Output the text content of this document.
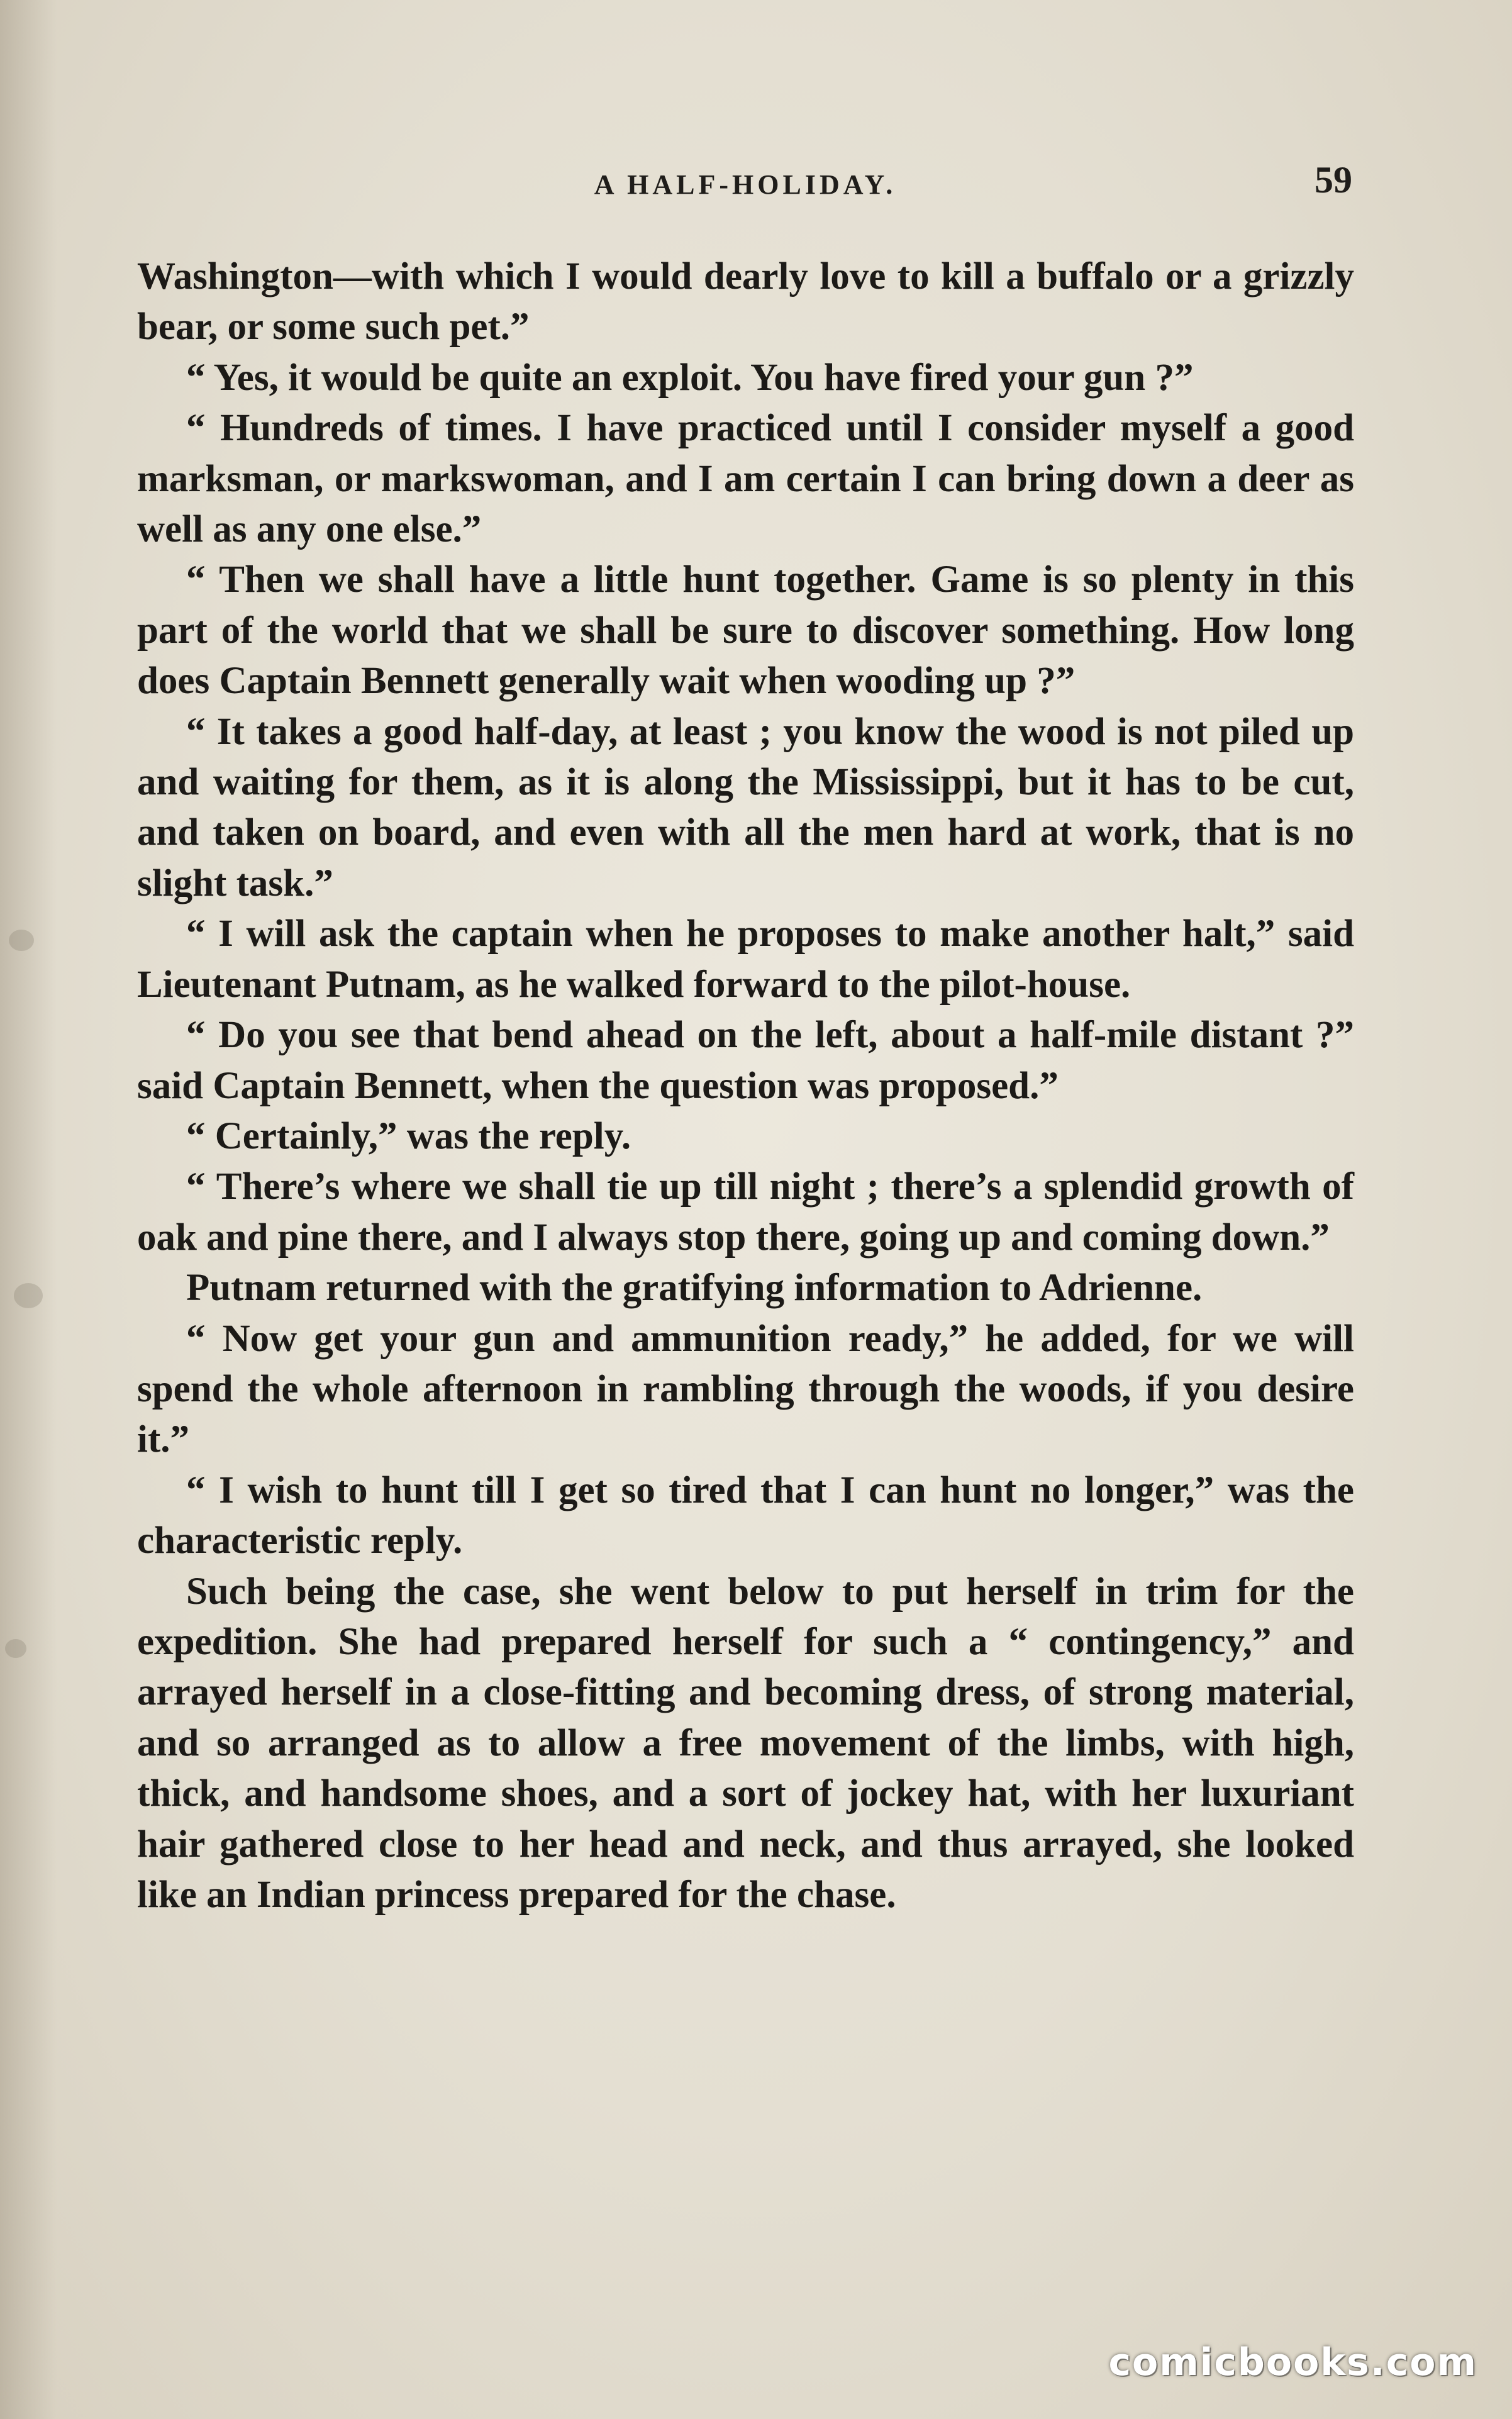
A HALF-HOLIDAY.	59

Washington—with which I would dearly love to kill a buffalo or a grizzly bear, or some such pet.”

“ Yes, it would be quite an exploit. You have fired your gun ?”

“ Hundreds of times. I have practiced until I consider myself a good marksman, or markswoman, and I am certain I can bring down a deer as well as any one else.”

“ Then we shall have a little hunt together. Game is so plenty in this part of the world that we shall be sure to discover something. How long does Captain Bennett generally wait when wooding up ?”

“ It takes a good half-day, at least ; you know the wood is not piled up and waiting for them, as it is along the Mississippi, but it has to be cut, and taken on board, and even with all the men hard at work, that is no slight task.”

“ I will ask the captain when he proposes to make another halt,” said Lieutenant Putnam, as he walked forward to the pilot-house.

“ Do you see that bend ahead on the left, about a half-mile distant ?” said Captain Bennett, when the question was proposed.”

“ Certainly,” was the reply.

“ There’s where we shall tie up till night ; there’s a splendid growth of oak and pine there, and I always stop there, going up and coming down.”

Putnam returned with the gratifying information to Adrienne.

“ Now get your gun and ammunition ready,” he added, for we will spend the whole afternoon in rambling through the woods, if you desire it.”

“ I wish to hunt till I get so tired that I can hunt no longer,” was the characteristic reply.

Such being the case, she went below to put herself in trim for the expedition. She had prepared herself for such a “ contingency,” and arrayed herself in a close-fitting and becoming dress, of strong material, and so arranged as to allow a free movement of the limbs, with high, thick, and handsome shoes, and a sort of jockey hat, with her luxuriant hair gathered close to her head and neck, and thus arrayed, she looked like an Indian princess prepared for the chase.

comicbooks.com
